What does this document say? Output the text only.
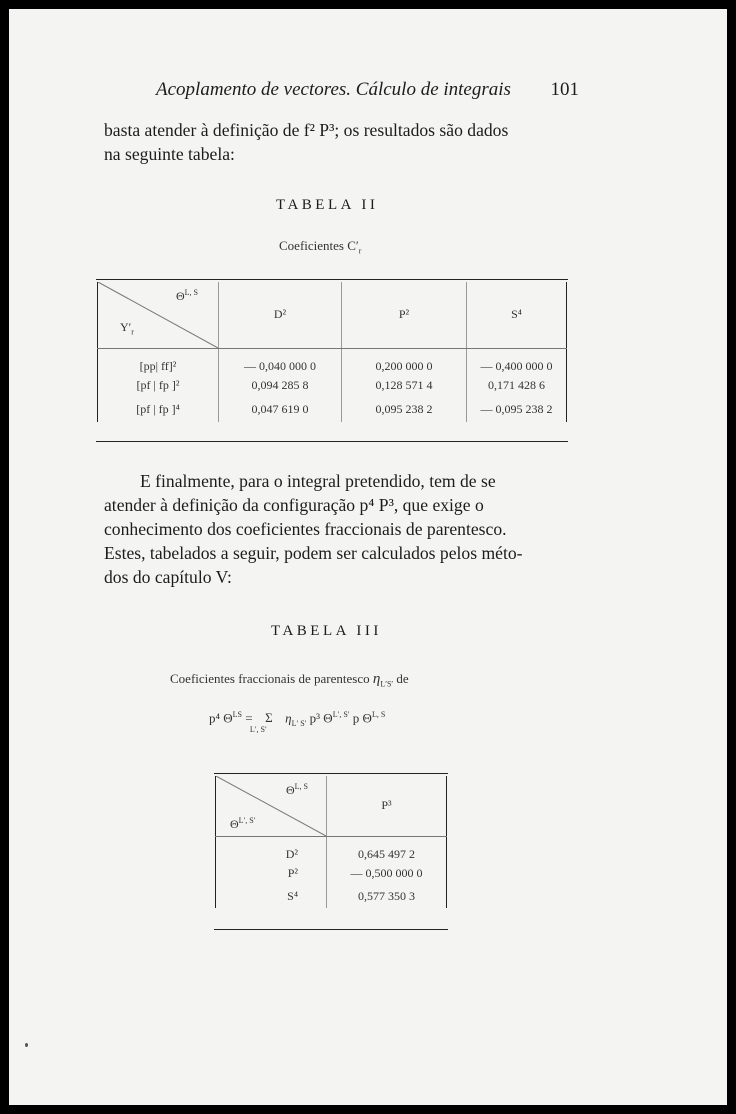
Acoplamento de vectores. Cálculo de integrais 101
basta atender à definição de f² P³; os resultados são dados
na seguinte tabela:
TABELA II
Coeficientes $C'_r$
$\Theta^{L, S}$
$Y'_r$	D²	P²	S⁴
[pp| ff]²	— 0,040 000 0	0,200 000 0	— 0,400 000 0
[pf | fp ]²	0,094 285 8	0,128 571 4	0,171 428 6
[pf | fp ]⁴	0,047 619 0	0,095 238 2	— 0,095 238 2
E finalmente, para o integral pretendido, tem de se
atender à definição da configuração p⁴ P³, que exige o
conhecimento dos coeficientes fraccionais de parentesco.
Estes, tabelados a seguir, podem ser calculados pelos méto-
dos do capítulo V:
TABELA III
Coeficientes fraccionais de parentesco $\eta_{L'S'}$ de
p⁴ $\Theta^{LS} = \Sigma$
L′, S′
$\eta_{L' S'}$ p³ $\Theta^{L', S'}$ p $\Theta^{L, S}$
$\Theta^{L, S}$
$\Theta^{L', S'}$	P³
D²	0,645 497 2
P²	— 0,500 000 0
S⁴	0,577 350 3
